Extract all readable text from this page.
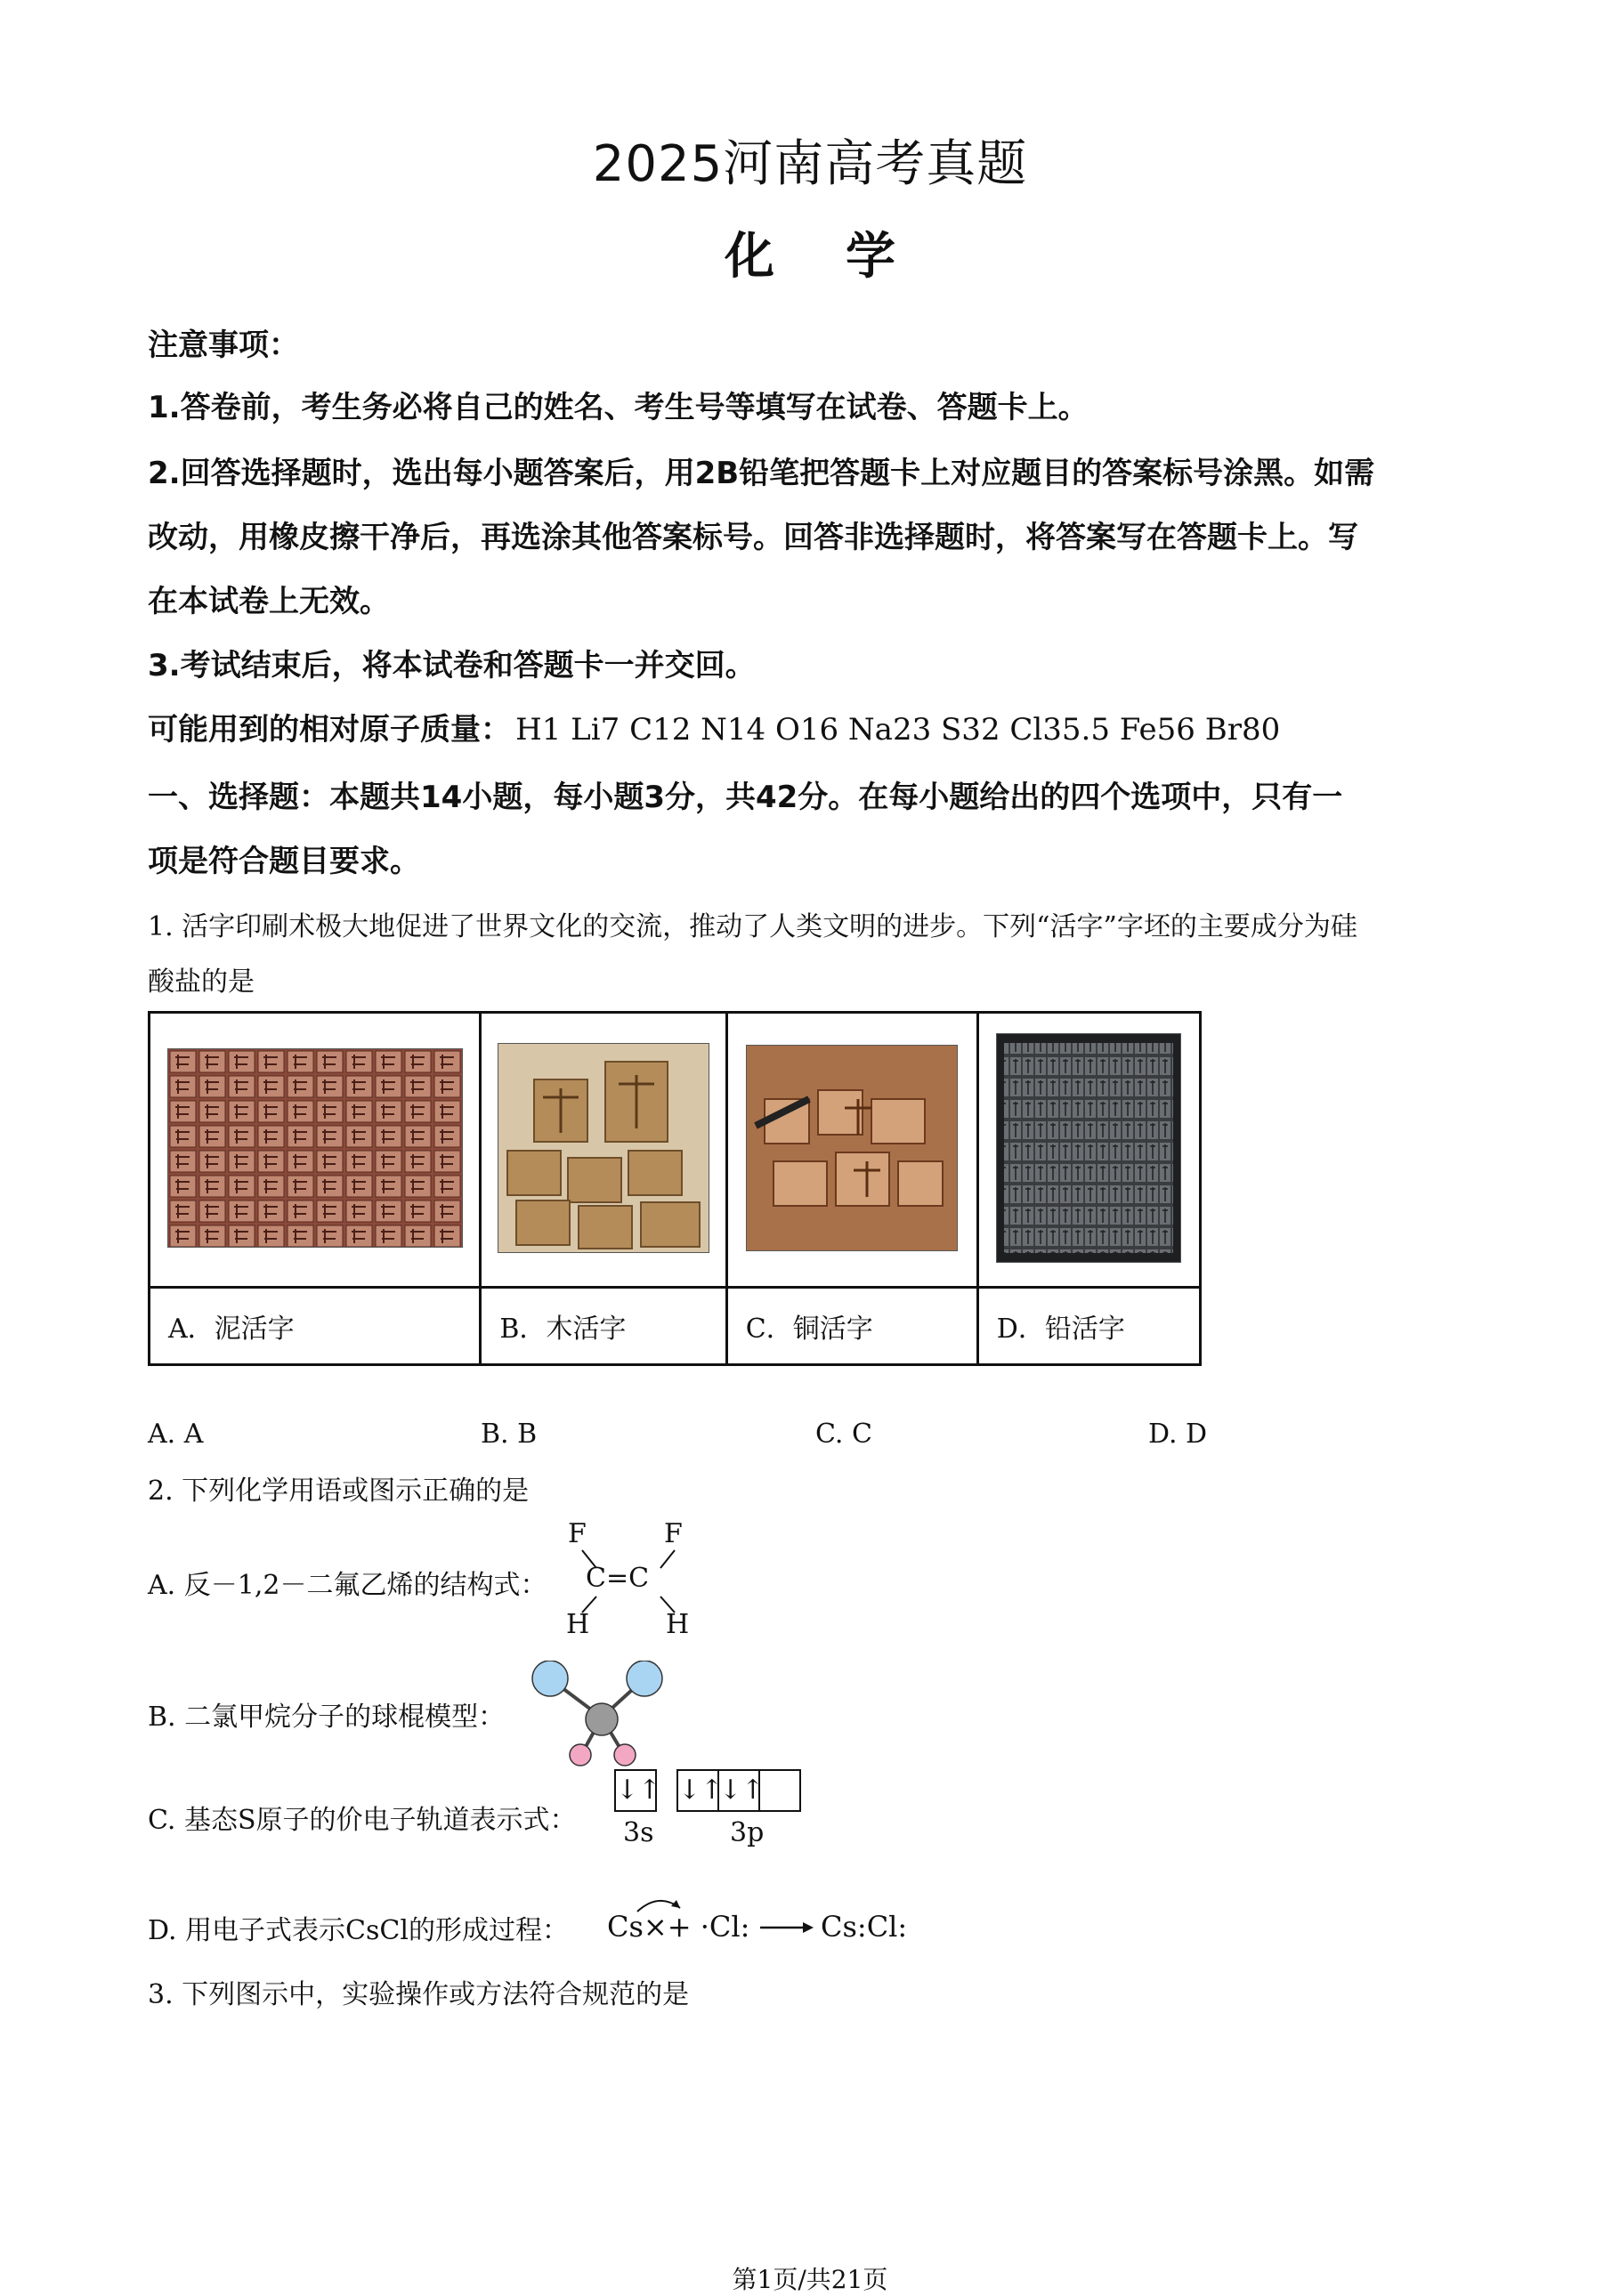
2025河南高考真题
化学
注意事项：
1.答卷前，考生务必将自己的姓名、考生号等填写在试卷、答题卡上。
2.回答选择题时，选出每小题答案后，用2B铅笔把答题卡上对应题目的答案标号涂黑。如需
改动，用橡皮擦干净后，再选涂其他答案标号。回答非选择题时，将答案写在答题卡上。写
在本试卷上无效。
3.考试结束后，将本试卷和答题卡一并交回。
可能用到的相对原子质量： H1 Li7 C12 N14 O16 Na23 S32 Cl35.5 Fe56 Br80
一、选择题：本题共14小题，每小题3分，共42分。在每小题给出的四个选项中，只有一
项是符合题目要求。
1. 活字印刷术极大地促进了世界文化的交流，推动了人类文明的进步。下列“活字”字坯的主要成分为硅
酸盐的是

A．泥活字	B．木活字	C．铜活字	D．铅活字
A. A	B. B	C. C	D. D
2. 下列化学用语或图示正确的是
A. 反－1,2－二氟乙烯的结构式：
F	F
C=C
H	H
B. 二氯甲烷分子的球棍模型：
C. 基态S原子的价电子轨道表示式：
↓↑ ↓↑
↓↑
3s	3p
D. 用电子式表示CsCl的形成过程： Cs×+ ·Cl: → Cs:Cl:
3. 下列图示中，实验操作或方法符合规范的是
第1页/共21页
